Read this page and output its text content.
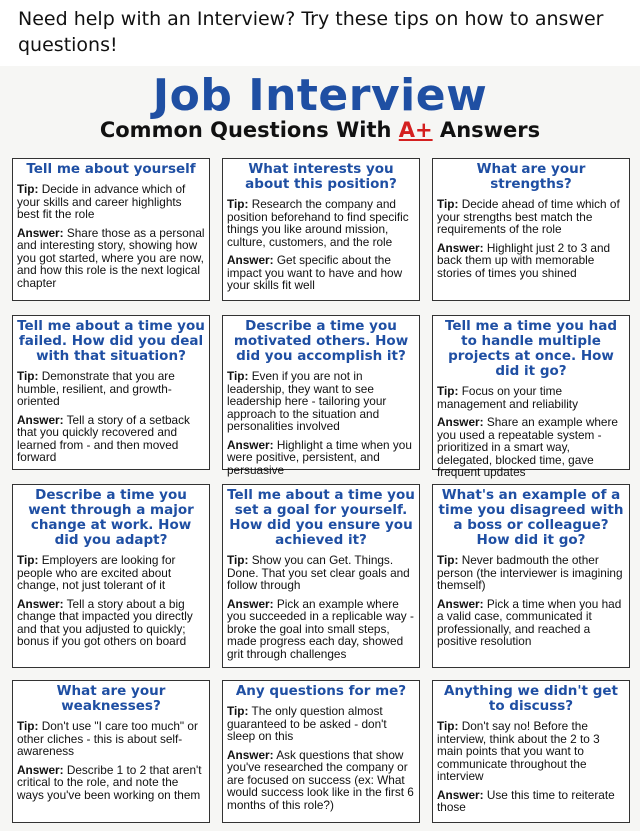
Need help with an Interview? Try these tips on how to answer questions!
Job Interview
Common Questions With A+ Answers
Tell me about yourself

Tip: Decide in advance which of your skills and career highlights best fit the role

Answer: Share those as a personal and interesting story, showing how you got started, where you are now, and how this role is the next logical chapter

What interests you about this position?

Tip: Research the company and position beforehand to find specific things you like around mission, culture, customers, and the role

Answer: Get specific about the impact you want to have and how your skills fit well

What are your strengths?

Tip: Decide ahead of time which of your strengths best match the requirements of the role

Answer: Highlight just 2 to 3 and back them up with memorable stories of times you shined

Tell me about a time you failed. How did you deal with that situation?

Tip: Demonstrate that you are humble, resilient, and growth-oriented

Answer: Tell a story of a setback that you quickly recovered and learned from - and then moved forward

Describe a time you motivated others. How did you accomplish it?

Tip: Even if you are not in leadership, they want to see leadership here - tailoring your approach to the situation and personalities involved

Answer: Highlight a time when you were positive, persistent, and persuasive

Tell me a time you had to handle multiple projects at once. How did it go?

Tip: Focus on your time management and reliability

Answer: Share an example where you used a repeatable system - prioritized in a smart way, delegated, blocked time, gave frequent updates

Describe a time you went through a major change at work. How did you adapt?

Tip: Employers are looking for people who are excited about change, not just tolerant of it

Answer: Tell a story about a big change that impacted you directly and that you adjusted to quickly; bonus if you got others on board

Tell me about a time you set a goal for yourself. How did you ensure you achieved it?

Tip: Show you can Get. Things. Done. That you set clear goals and follow through

Answer: Pick an example where you succeeded in a replicable way - broke the goal into small steps, made progress each day, showed grit through challenges

What's an example of a time you disagreed with a boss or colleague? How did it go?

Tip: Never badmouth the other person (the interviewer is imagining themself)

Answer: Pick a time when you had a valid case, communicated it professionally, and reached a positive resolution

What are your weaknesses?

Tip: Don't use "I care too much" or other cliches - this is about self-awareness

Answer: Describe 1 to 2 that aren't critical to the role, and note the ways you've been working on them

Any questions for me?

Tip: The only question almost guaranteed to be asked - don't sleep on this

Answer: Ask questions that show you've researched the company or are focused on success (ex: What would success look like in the first 6 months of this role?)

Anything we didn't get to discuss?

Tip: Don't say no! Before the interview, think about the 2 to 3 main points that you want to communicate throughout the interview

Answer: Use this time to reiterate those
